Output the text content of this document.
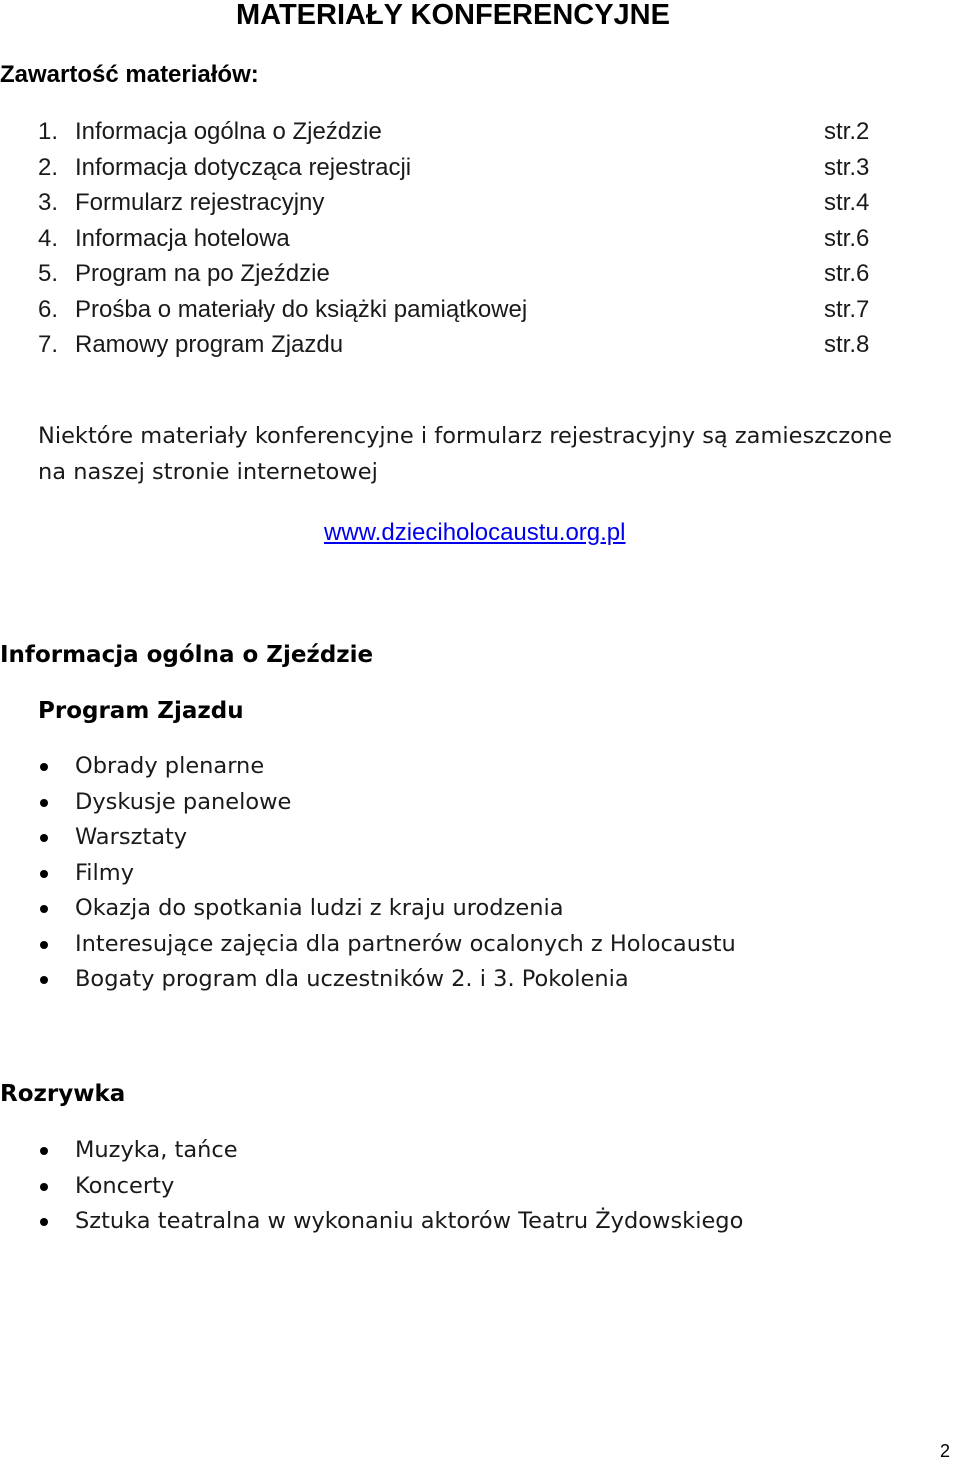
MATERIAŁY KONFERENCYJNE
Zawartość materiałów:
1. Informacja ogólna o Zjeździe	str.2
2. Informacja dotycząca rejestracji	str.3
3. Formularz rejestracyjny	str.4
4. Informacja hotelowa	str.6
5. Program na po Zjeździe	str.6
6. Prośba o materiały do książki pamiątkowej	str.7
7. Ramowy program Zjazdu	str.8

Niektóre materiały konferencyjne i formularz rejestracyjny są zamieszczone na naszej stronie internetowej

www.dzieciholocaustu.org.pl
Informacja ogólna o Zjeździe
Program Zjazdu
Obrady plenarne
Dyskusje panelowe
Warsztaty
Filmy
Okazja do spotkania ludzi z kraju urodzenia
Interesujące zajęcia dla partnerów ocalonych z Holocaustu
Bogaty program dla uczestników 2. i 3. Pokolenia
Rozrywka
Muzyka, tańce
Koncerty
Sztuka teatralna w wykonaniu aktorów Teatru Żydowskiego
2
